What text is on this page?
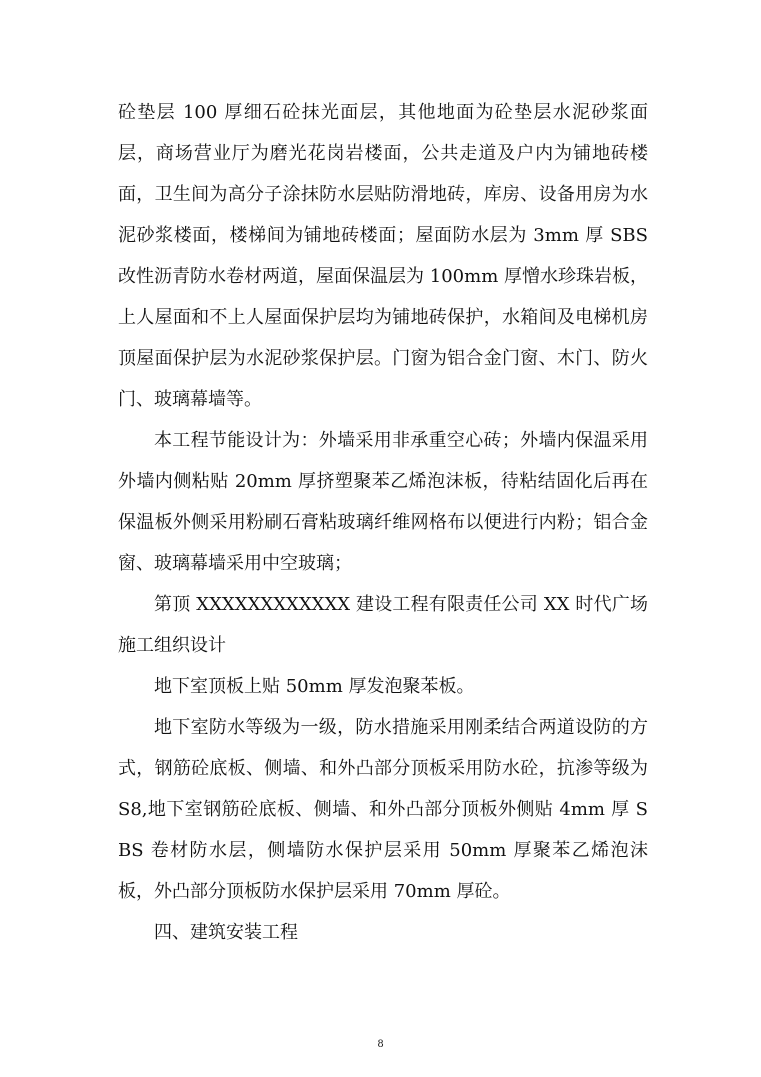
砼垫层 100 厚细石砼抹光面层，其他地面为砼垫层水泥砂浆面层，商场营业厅为磨光花岗岩楼面，公共走道及户内为铺地砖楼面，卫生间为高分子涂抹防水层贴防滑地砖，库房、设备用房为水泥砂浆楼面，楼梯间为铺地砖楼面；屋面防水层为 3mm 厚 SBS 改性沥青防水卷材两道，屋面保温层为 100mm 厚憎水珍珠岩板，上人屋面和不上人屋面保护层均为铺地砖保护，水箱间及电梯机房顶屋面保护层为水泥砂浆保护层。门窗为铝合金门窗、木门、防火门、玻璃幕墙等。

本工程节能设计为：外墙采用非承重空心砖；外墙内保温采用外墙内侧粘贴 20mm 厚挤塑聚苯乙烯泡沫板，待粘结固化后再在保温板外侧采用粉刷石膏粘玻璃纤维网格布以便进行内粉；铝合金窗、玻璃幕墙采用中空玻璃；

第顶 XXXXXXXXXXXX 建设工程有限责任公司 XX 时代广场施工组织设计

地下室顶板上贴 50mm 厚发泡聚苯板。

地下室防水等级为一级，防水措施采用刚柔结合两道设防的方式，钢筋砼底板、侧墙、和外凸部分顶板采用防水砼，抗渗等级为 S8,地下室钢筋砼底板、侧墙、和外凸部分顶板外侧贴 4mm 厚 SBS 卷材防水层，侧墙防水保护层采用 50mm 厚聚苯乙烯泡沫板，外凸部分顶板防水保护层采用 70mm 厚砼。

四、建筑安装工程

8
